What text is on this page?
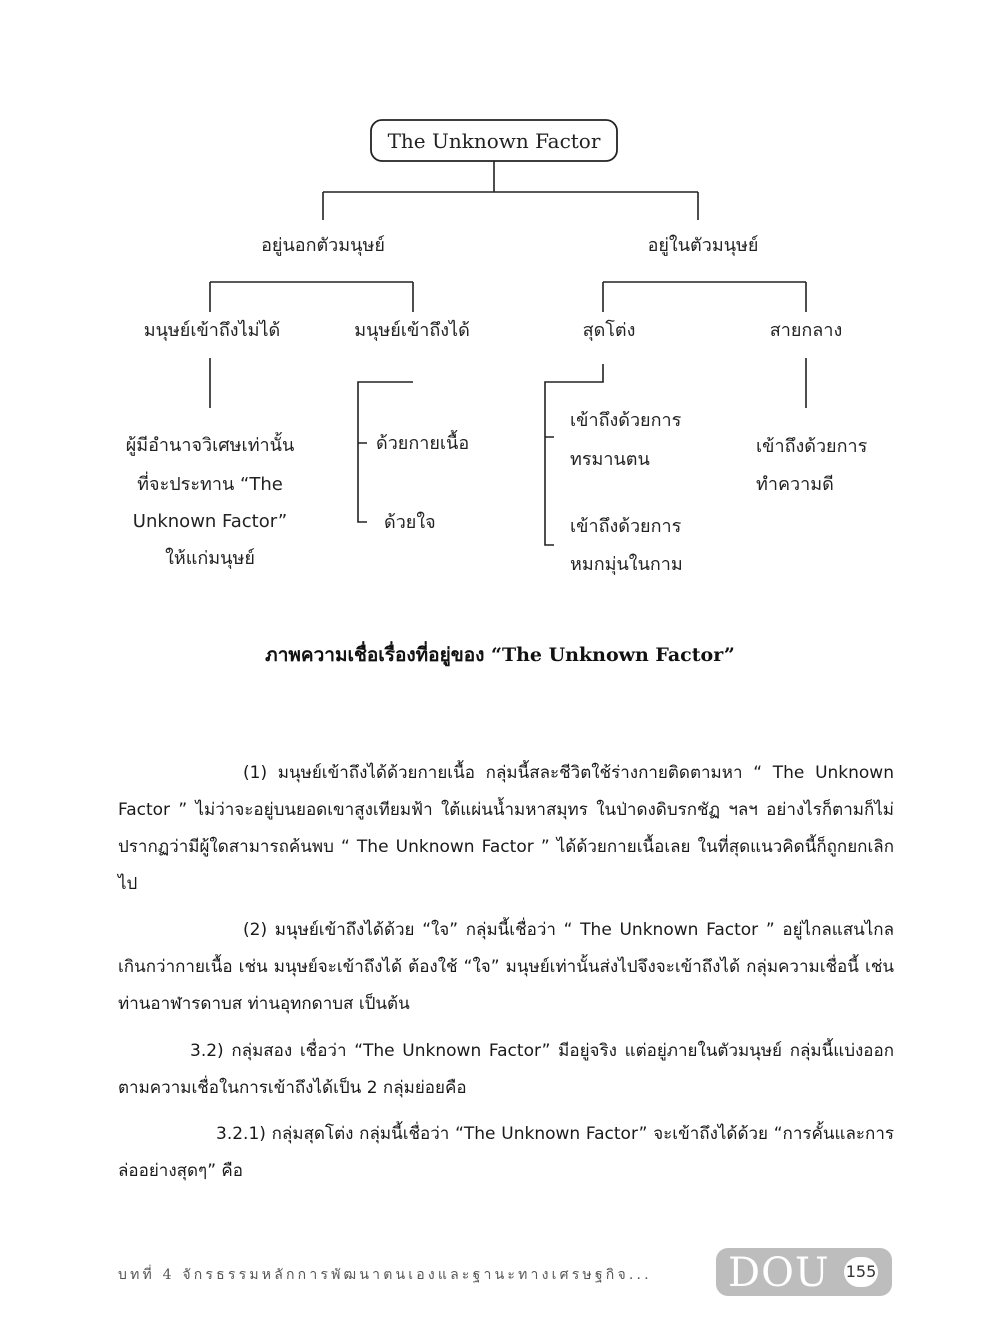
The Unknown Factor
อยู่นอกตัวมนุษย์	อยู่ในตัวมนุษย์
มนุษย์เข้าถึงไม่ได้	มนุษย์เข้าถึงได้	สุดโต่ง	สายกลาง
ผู้มีอำนาจวิเศษเท่านั้น
ที่จะประทาน “The
Unknown Factor”
ให้แก่มนุษย์
ด้วยกายเนื้อ
ด้วยใจ
เข้าถึงด้วยการ
ทรมานตน
เข้าถึงด้วยการ
หมกมุ่นในกาม
เข้าถึงด้วยการ
ทำความดี
ภาพความเชื่อเรื่องที่อยู่ของ “The Unknown Factor”

(1) มนุษย์เข้าถึงได้ด้วยกายเนื้อ กลุ่มนี้สละชีวิตใช้ร่างกายติดตามหา “ The Unknown Factor ” ไม่ว่าจะอยู่บนยอดเขาสูงเทียมฟ้า ใต้แผ่นน้ำมหาสมุทร ในป่าดงดิบรกชัฏ ฯลฯ อย่างไรก็ตามก็ไม่ปรากฏว่ามีผู้ใดสามารถค้นพบ “ The Unknown Factor ” ได้ด้วยกายเนื้อเลย ในที่สุดแนวคิดนี้ก็ถูกยกเลิกไป

(2) มนุษย์เข้าถึงได้ด้วย “ใจ” กลุ่มนี้เชื่อว่า “ The Unknown Factor ” อยู่ไกลแสนไกลเกินกว่ากายเนื้อ เช่น มนุษย์จะเข้าถึงได้ ต้องใช้ “ใจ” มนุษย์เท่านั้นส่งไปจึงจะเข้าถึงได้ กลุ่มความเชื่อนี้ เช่น ท่านอาฬารดาบส ท่านอุทกดาบส เป็นต้น

3.2) กลุ่มสอง เชื่อว่า “The Unknown Factor” มีอยู่จริง แต่อยู่ภายในตัวมนุษย์ กลุ่มนี้แบ่งออกตามความเชื่อในการเข้าถึงได้เป็น 2 กลุ่มย่อยคือ

3.2.1) กลุ่มสุดโต่ง กลุ่มนี้เชื่อว่า “The Unknown Factor” จะเข้าถึงได้ด้วย “การคั้นและการล่ออย่างสุดๆ” คือ

บทที่ 4 จักรธรรมหลักการพัฒนาตนเองและฐานะทางเศรษฐกิจ... DOU 155
